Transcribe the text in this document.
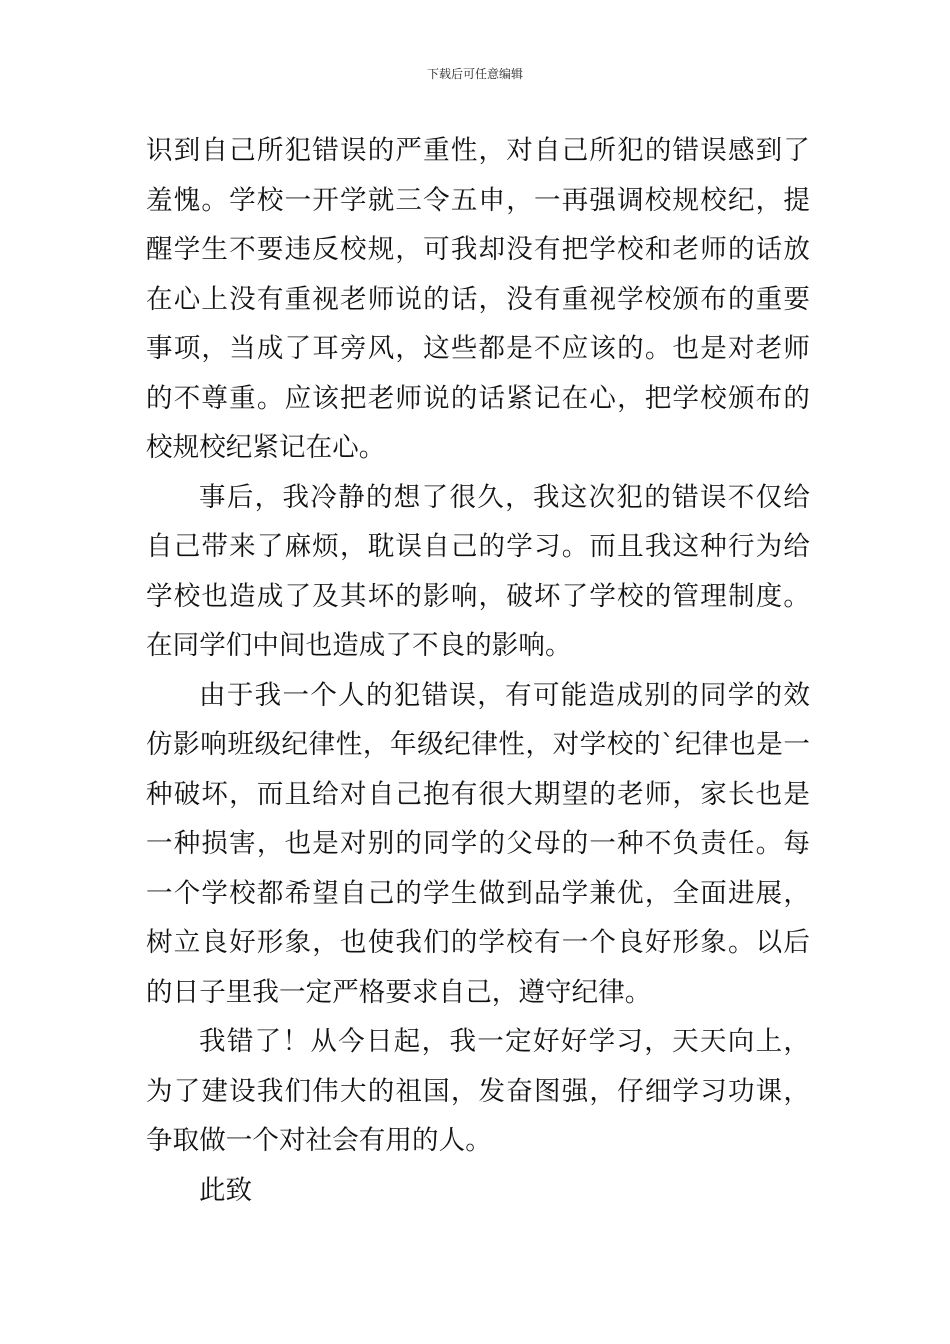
下载后可任意编辑

识到自己所犯错误的严重性，对自己所犯的错误感到了羞愧。学校一开学就三令五申，一再强调校规校纪，提醒学生不要违反校规，可我却没有把学校和老师的话放在心上没有重视老师说的话，没有重视学校颁布的重要事项，当成了耳旁风，这些都是不应该的。也是对老师的不尊重。应该把老师说的话紧记在心，把学校颁布的校规校纪紧记在心。

事后，我冷静的想了很久，我这次犯的错误不仅给自己带来了麻烦，耽误自己的学习。而且我这种行为给学校也造成了及其坏的影响，破坏了学校的管理制度。在同学们中间也造成了不良的影响。

由于我一个人的犯错误，有可能造成别的同学的效仿影响班级纪律性，年级纪律性，对学校的`纪律也是一种破坏，而且给对自己抱有很大期望的老师，家长也是一种损害，也是对别的同学的父母的一种不负责任。每一个学校都希望自己的学生做到品学兼优，全面进展，树立良好形象，也使我们的学校有一个良好形象。以后的日子里我一定严格要求自己，遵守纪律。

我错了！从今日起，我一定好好学习，天天向上，为了建设我们伟大的祖国，发奋图强，仔细学习功课，争取做一个对社会有用的人。

此致
